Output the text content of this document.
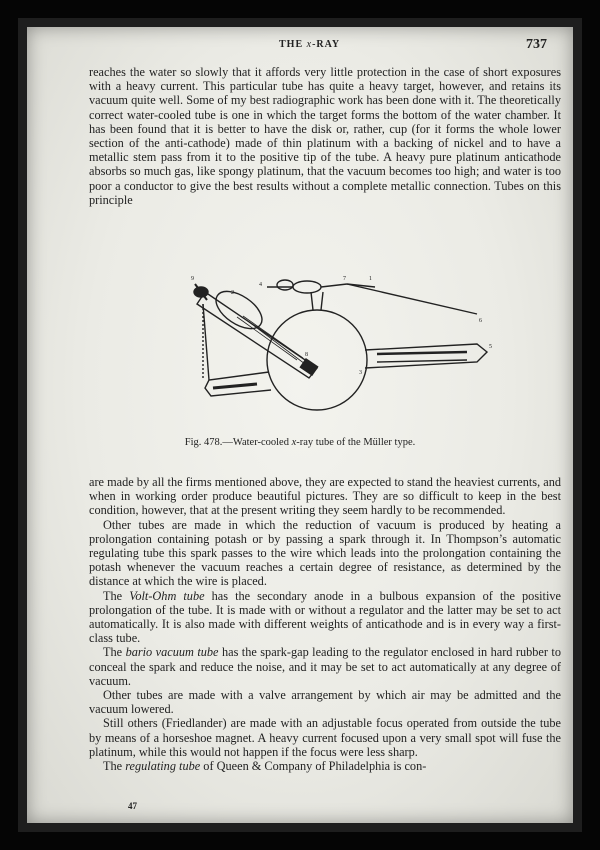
THE x-RAY	737

reaches the water so slowly that it affords very little protection in the case of short exposures with a heavy current. This particular tube has quite a heavy target, however, and retains its vacuum quite well. Some of my best radiographic work has been done with it. The theoretically correct water-cooled tube is one in which the target forms the bottom of the water chamber. It has been found that it is better to have the disk or, rather, cup (for it forms the whole lower section of the anti-cathode) made of thin platinum with a backing of nickel and to have a metallic stem pass from it to the positive tip of the tube. A heavy pure platinum anticathode absorbs so much gas, like spongy platinum, that the vacuum becomes too high; and water is too poor a conductor to give the best results without a complete metallic connection. Tubes on this principle

9
2
4
7	1
8
3
5
6
Fig. 478.—Water-cooled x-ray tube of the Müller type.

are made by all the firms mentioned above, they are expected to stand the heaviest currents, and when in working order produce beautiful pictures. They are so difficult to keep in the best condition, however, that at the present writing they seem hardly to be recommended.

Other tubes are made in which the reduction of vacuum is produced by heating a prolongation containing potash or by passing a spark through it. In Thompson’s automatic regulating tube this spark passes to the wire which leads into the prolongation containing the potash whenever the vacuum reaches a certain degree of resistance, as determined by the distance at which the wire is placed.

The Volt-Ohm tube has the secondary anode in a bulbous expansion of the positive prolongation of the tube. It is made with or without a regulator and the latter may be set to act automatically. It is also made with different weights of anticathode and is in every way a first-class tube.

The bario vacuum tube has the spark-gap leading to the regulator enclosed in hard rubber to conceal the spark and reduce the noise, and it may be set to act automatically at any degree of vacuum.

Other tubes are made with a valve arrangement by which air may be admitted and the vacuum lowered.

Still others (Friedlander) are made with an adjustable focus operated from outside the tube by means of a horseshoe magnet. A heavy current focused upon a very small spot will fuse the platinum, while this would not happen if the focus were less sharp.

The regulating tube of Queen & Company of Philadelphia is con-

47
